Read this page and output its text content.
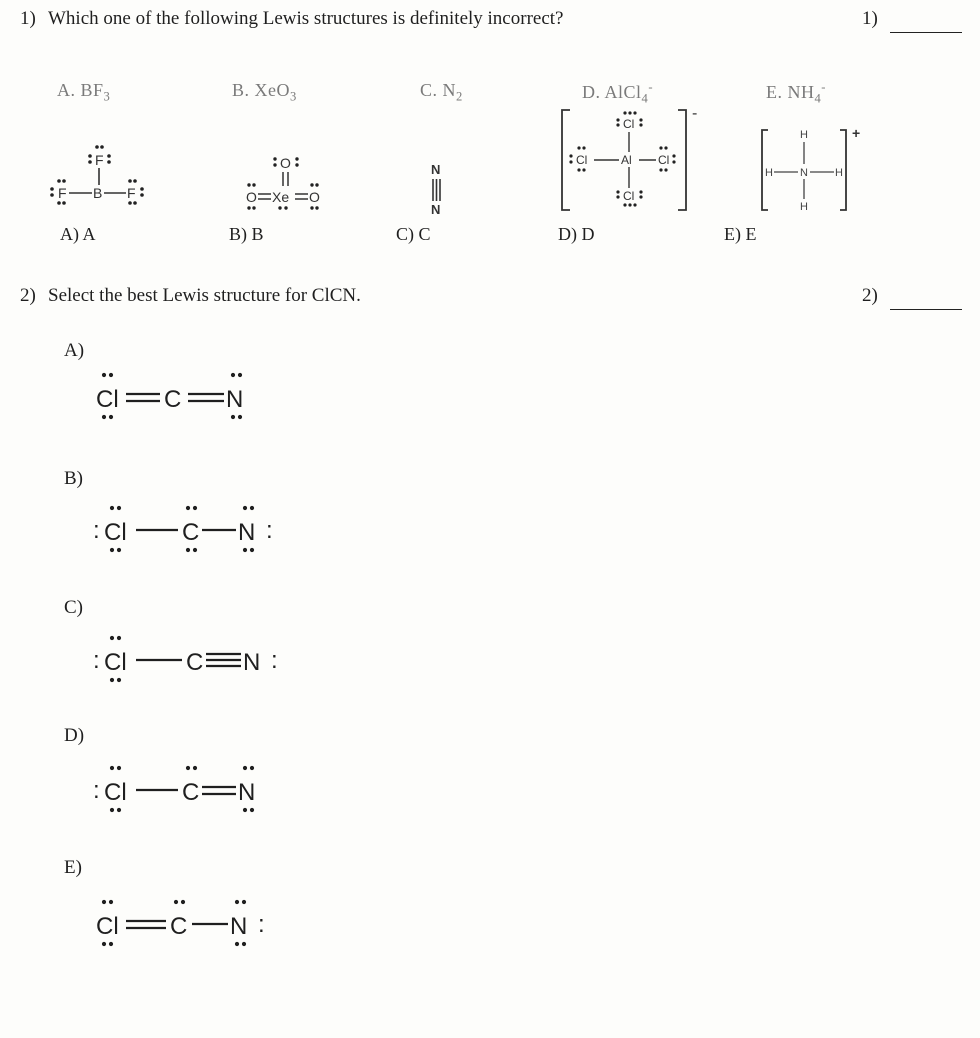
1) Which one of the following Lewis structures is definitely incorrect?	1)
A. $BF_3$	B. XeO$_3$	C. $N_2$	D. AlCl$_4$-	E. $NH_4^-$
F
B
F	F
O
O Xe O
N
N
-
Cl
Cl	Al Cl
Cl
+
H
H N H
H
A) A	B) B	C) C	D) D	E) E
2) Select the best Lewis structure for ClCN.	2)
A)
Cl C N
B)
: Cl C N :
C)
: Cl C N :
D)
: Cl C N
E)
Cl C N :
